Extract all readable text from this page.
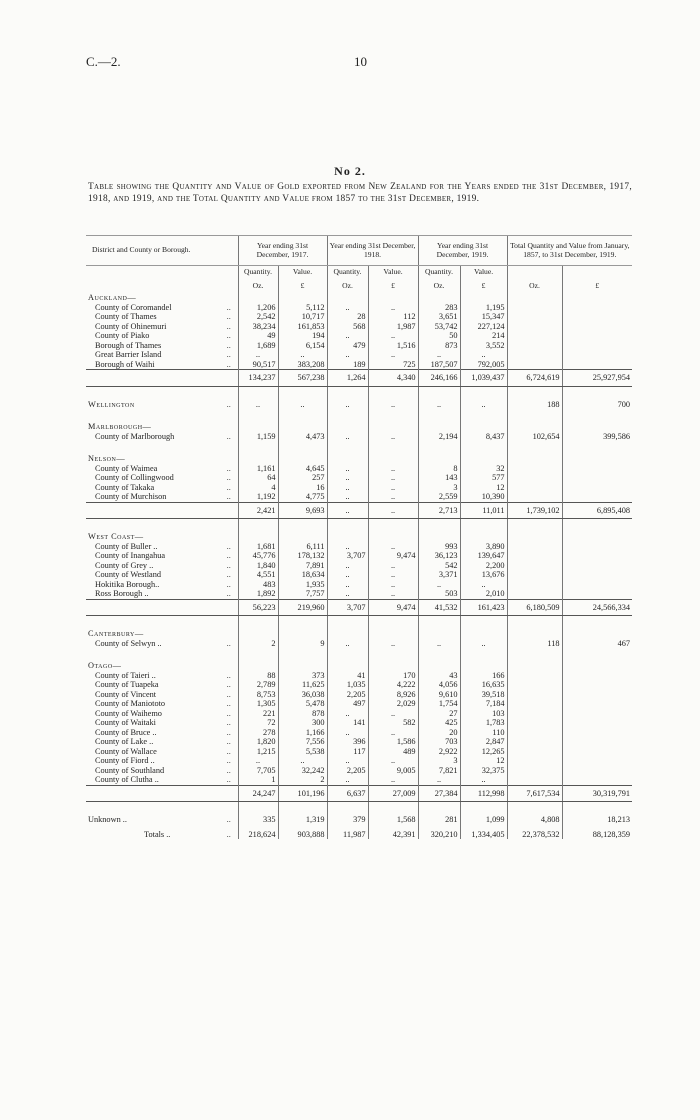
C.—2.	10
No 2.
Table showing the Quantity and Value of Gold exported from New Zealand for the Years ended the 31st December, 1917, 1918, and 1919, and the Total Quantity and Value from 1857 to the 31st December, 1919.
District and County or Borough.		Year ending 31st December, 1917.		Year ending 31st December, 1918.		Year ending 31st December, 1919.		Total Quantity and Value from January, 1857, to 31st December, 1919.	
		Quantity.	Value.	Quantity.	Value.	Quantity.	Value.		
		Oz.	£	Oz.	£	Oz.	£	Oz.	£
Auckland—									
County of Coromandel	..	1,206	5,112	..	..	283	1,195		
County of Thames	..	2,542	10,717	28	112	3,651	15,347		
County of Ohinemuri	..	38,234	161,853	568	1,987	53,742	227,124		
County of Piako	..	49	194	..	..	50	214		
Borough of Thames	..	1,689	6,154	479	1,516	873	3,552		
Great Barrier Island	..	..	..	..	..	..	..		
Borough of Waihi	..	90,517	383,208	189	725	187,507	792,005		
		134,237	567,238	1,264	4,340	246,166	1,039,437	6,724,619	25,927,954

Wellington	..	..	..	..	..	..	..	188	700

Marlborough—									
County of Marlborough	..	1,159	4,473	..	..	2,194	8,437	102,654	399,586

Nelson—									
County of Waimea	..	1,161	4,645	..	..	8	32		
County of Collingwood	..	64	257	..	..	143	577		
County of Takaka	..	4	16	..	..	3	12		
County of Murchison	..	1,192	4,775	..	..	2,559	10,390		
		2,421	9,693	..	..	2,713	11,011	1,739,102	6,895,408

West Coast—									
County of Buller ..	..	1,681	6,111	..	..	993	3,890		
County of Inangahua	..	45,776	178,132	3,707	9,474	36,123	139,647		
County of Grey ..	..	1,840	7,891	..	..	542	2,200		
County of Westland	..	4,551	18,634	..	..	3,371	13,676		
Hokitika Borough..	..	483	1,935	..	..	..	..		
Ross Borough ..	..	1,892	7,757	..	..	503	2,010		
		56,223	219,960	3,707	9,474	41,532	161,423	6,180,509	24,566,334

Canterbury—									
County of Selwyn ..	..	2	9	..	..	..	..	118	467

Otago—									
County of Taieri ..	..	88	373	41	170	43	166		
County of Tuapeka	..	2,789	11,625	1,035	4,222	4,056	16,635		
County of Vincent	..	8,753	36,038	2,205	8,926	9,610	39,518		
County of Maniototo	..	1,305	5,478	497	2,029	1,754	7,184		
County of Waihemo	..	221	878	..	..	27	103		
County of Waitaki	..	72	300	141	582	425	1,783		
County of Bruce ..	..	278	1,166	..	..	20	110		
County of Lake ..	..	1,820	7,556	396	1,586	703	2,847		
County of Wallace	..	1,215	5,538	117	489	2,922	12,265		
County of Fiord ..	..	..	..	..	..	3	12		
County of Southland	..	7,705	32,242	2,205	9,005	7,821	32,375		
County of Clutha ..	..	1	2	..	..	..	..		
		24,247	101,196	6,637	27,009	27,384	112,998	7,617,534	30,319,791

Unknown ..	..	335	1,319	379	1,568	281	1,099	4,808	18,213
Totals ..	..	218,624	903,888	11,987	42,391	320,210	1,334,405	22,378,532	88,128,359
